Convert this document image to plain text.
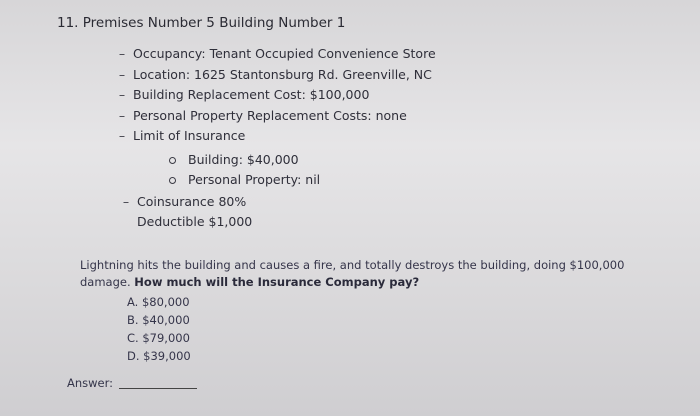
11. Premises Number 5 Building Number 1
– Occupancy: Tenant Occupied Convenience Store
– Location: 1625 Stantonsburg Rd. Greenville, NC
– Building Replacement Cost: $100,000
– Personal Property Replacement Costs: none
– Limit of Insurance
Building: $40,000
Personal Property: nil
– Coinsurance 80%
Deductible $1,000
Lightning hits the building and causes a fire, and totally destroys the building, doing $100,000
damage. How much will the Insurance Company pay?
A. $80,000
B. $40,000
C. $79,000
D. $39,000
Answer:
